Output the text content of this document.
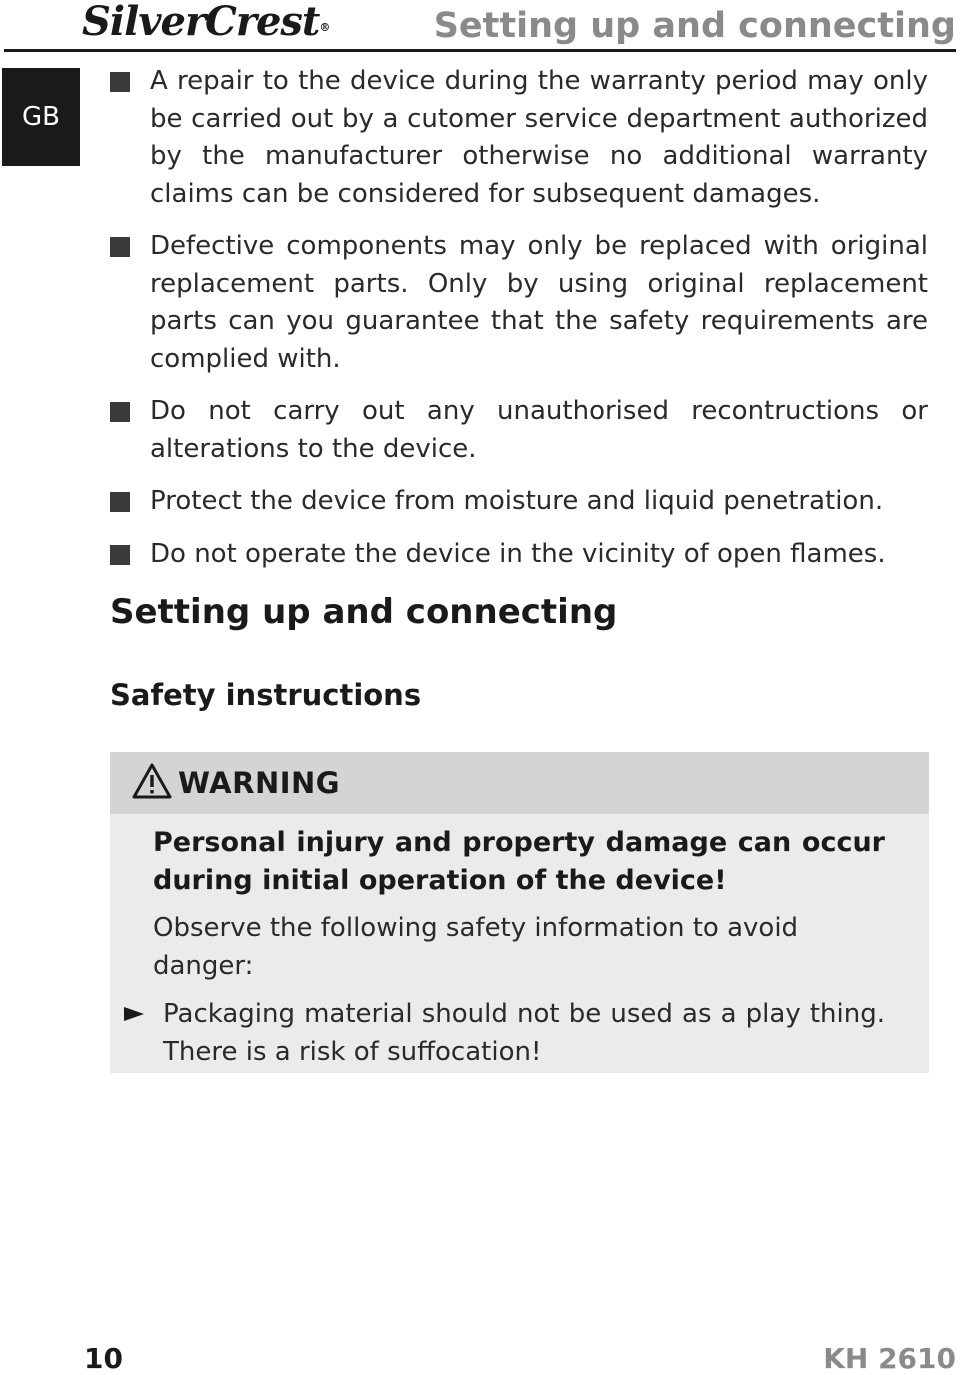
SilverCrest®	Setting up and connecting
GB
A repair to the device during the warranty period may only be carried out by a cutomer service department authorized by the manufacturer otherwise no additional warranty claims can be considered for subsequent damages.
Defective components may only be replaced with original replacement parts. Only by using original replacement parts can you guarantee that the safety requirements are complied with.
Do not carry out any unauthorised recontructions or alterations to the device.
Protect the device from moisture and liquid penetration.
Do not operate the device in the vicinity of open flames.
Setting up and connecting
Safety instructions
WARNING
Personal injury and property damage can occur during initial operation of the device!
Observe the following safety information to avoid danger:
Packaging material should not be used as a play thing. There is a risk of suffocation!
10	KH 2610
